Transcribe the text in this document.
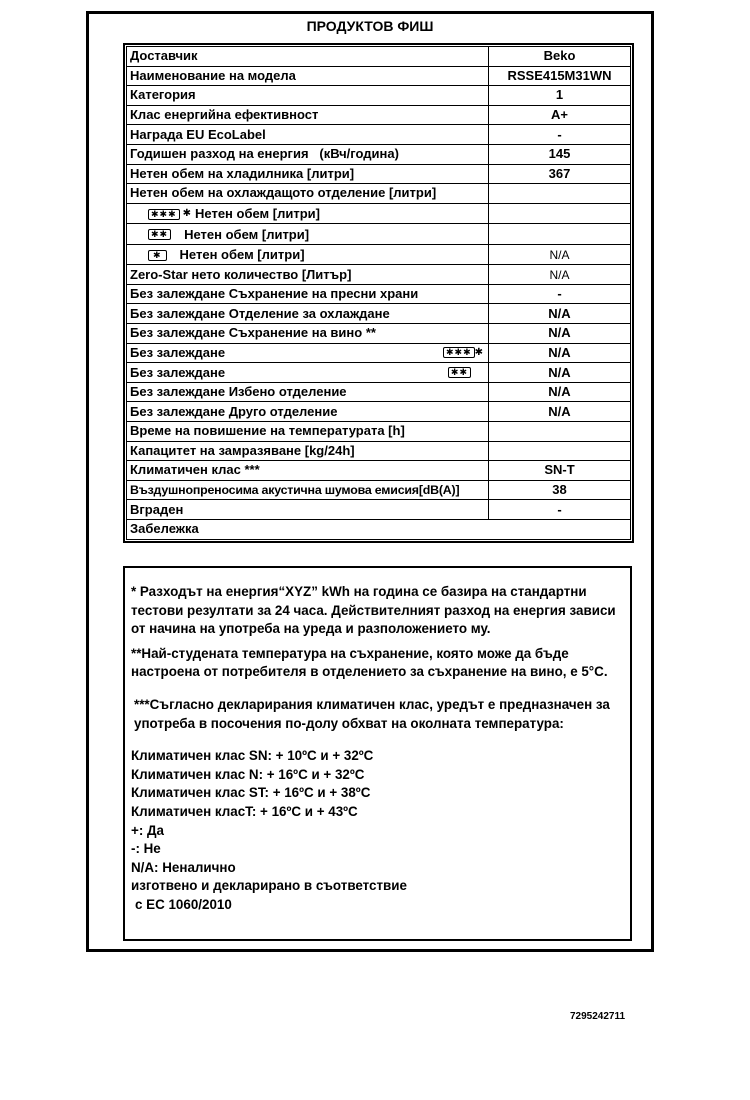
ПРОДУКТОВ ФИШ
Доставчик	Beko
Наименование на модела	RSSE415M31WN
Категория	1
Клас енергийна ефективност	A+
Награда EU EcoLabel	-
Годишен разход на енергия   (кВч/година)	145
Нетен обем на хладилника [литри]	367
Нетен обем на охлаждащото отделение [литри]	

✱✱✱ ✱ Нетен обем [литри]	

✱✱ Нетен обем [литри]	

✱ Нетен обем [литри]	N/A
Zero-Star нето количество [Литър]	N/A
Без залеждане Съхранение на пресни храни	-
Без залеждане Отделение за охлаждане	N/A
Без залеждане Съхранение на вино **	N/A

Без залеждане ✱✱✱ ✱	N/A

Без залеждане ✱✱	N/A
Без залеждане Избено отделение	N/A
Без залеждане Друго отделение	N/A
Време на повишение на температурата [h]	
Капацитет на замразяване [kg/24h]	
Климатичен клас ***	SN-T
Въздушнопреносима акустична шумова емисия[dB(A)]	38
Вграден	-
Забележка	

* Разходът на енергия“XYZ” kWh на година се базира на стандартни тестови резултати за 24 часа. Действителният разход на енергия зависи от начина на употреба на уреда и разположението му.

**Най-студената температура на съхранение, която може да бъде настроена от потребителя в отделението за съхранение на вино, е 5°C.

***Съгласно декларирания климатичен клас, уредът е предназначен за употреба в посочения по-долу обхват на околната температура:

Климатичен клас SN: + 10ºC и + 32ºC

Климатичен клас N: + 16ºC и + 32ºC

Климатичен клас ST: + 16ºC и + 38ºC

Климатичен класT: + 16ºC и + 43ºC

+: Да

-: Не

N/A: Неналично

изготвено и декларирано в съответствие

с ЕС 1060/2010

7295242711
